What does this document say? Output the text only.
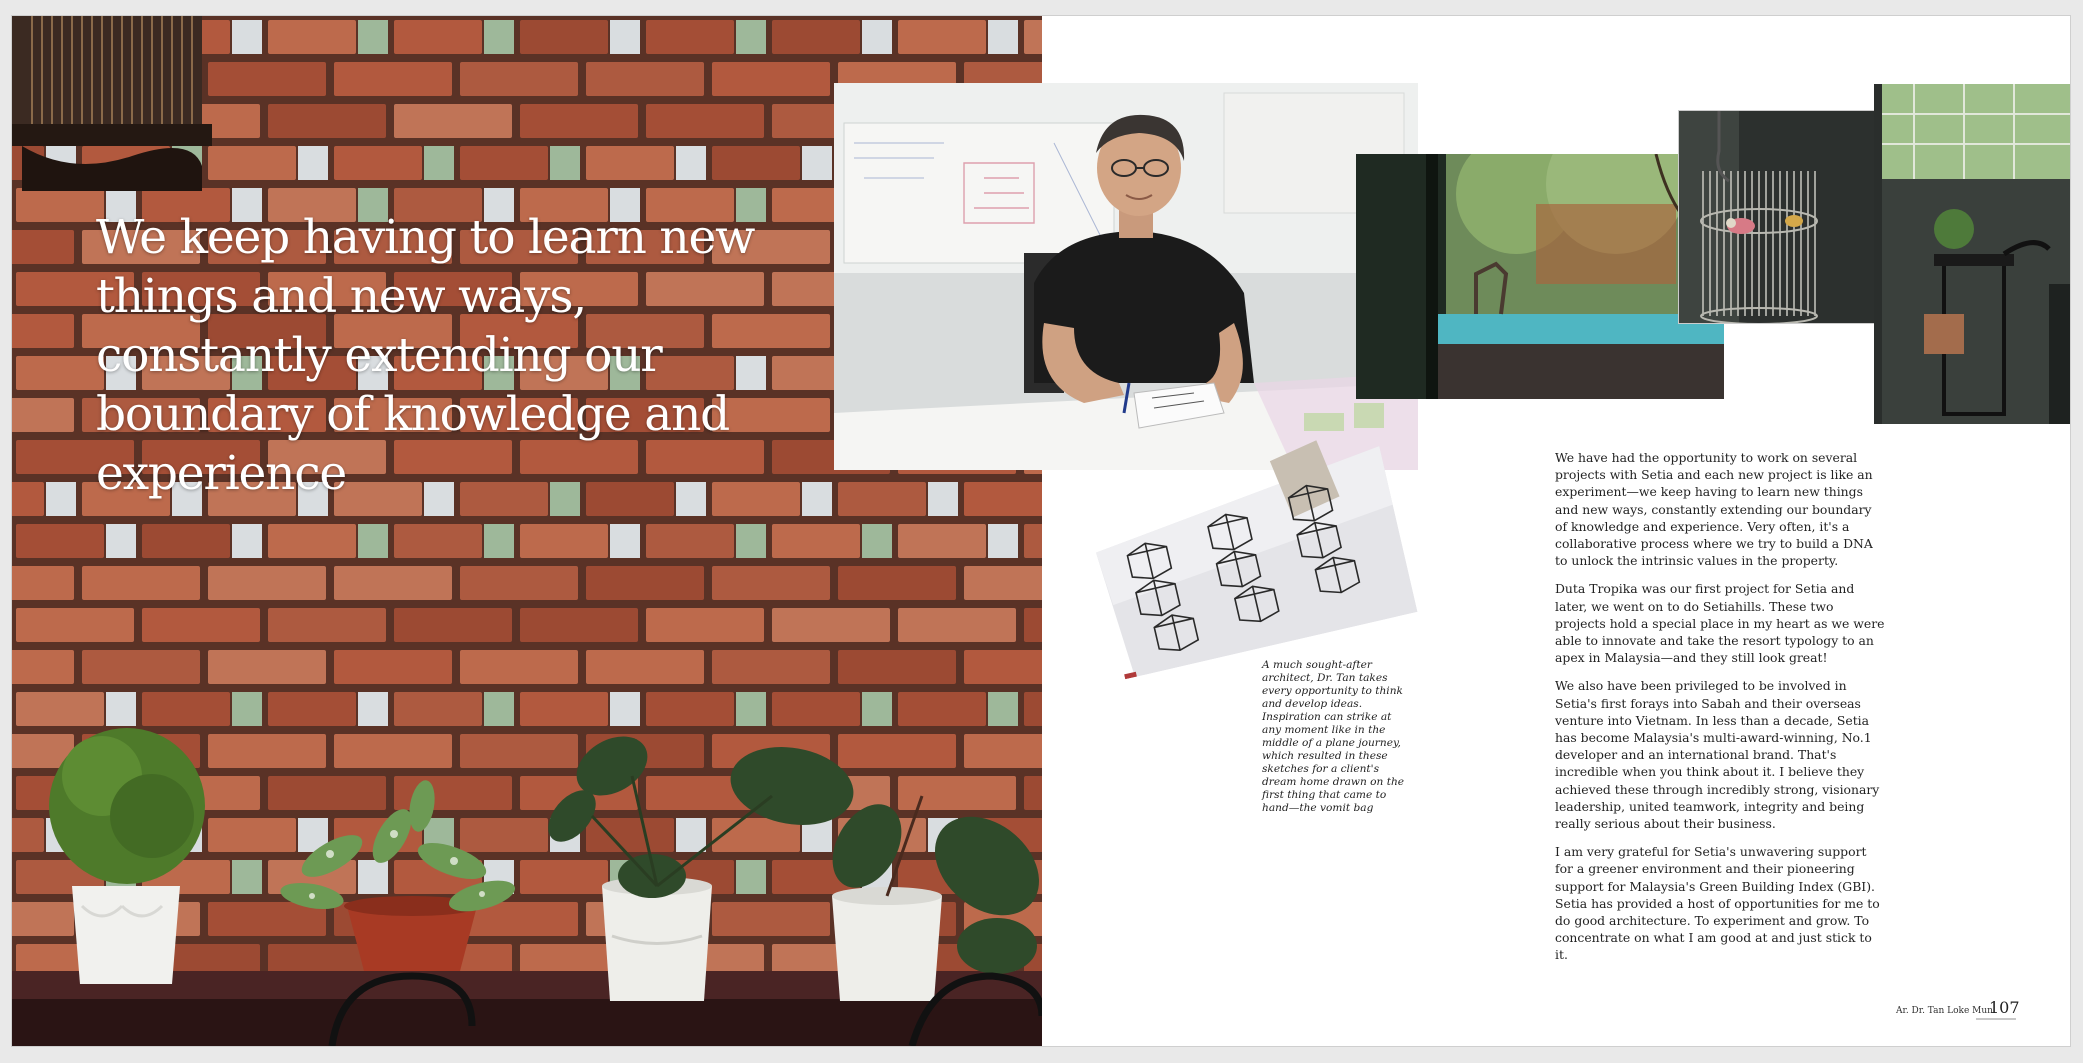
We keep having to learn new things and new ways, constantly extending our boundary of knowledge and experience
A much sought-after architect, Dr. Tan takes every opportunity to think and develop ideas. Inspiration can strike at any moment like in the middle of a plane journey, which resulted in these sketches for a client's dream home drawn on the first thing that came to hand—the vomit bag

We have had the opportunity to work on several projects with Setia and each new project is like an experiment—we keep having to learn new things and new ways, constantly extending our boundary of knowledge and experience. Very often, it's a collaborative process where we try to build a DNA to unlock the intrinsic values in the property.

Duta Tropika was our first project for Setia and later, we went on to do Setiahills. These two projects hold a special place in my heart as we were able to innovate and take the resort typology to an apex in Malaysia—and they still look great!

We also have been privileged to be involved in Setia's first forays into Sabah and their overseas venture into Vietnam. In less than a decade, Setia has become Malaysia's multi-award-winning, No.1 developer and an international brand. That's incredible when you think about it. I believe they achieved these through incredibly strong, visionary leadership, united teamwork, integrity and being really serious about their business.

I am very grateful for Setia's unwavering support for a greener environment and their pioneering support for Malaysia's Green Building Index (GBI). Setia has provided a host of opportunities for me to do good architecture. To experiment and grow. To concentrate on what I am good at and just stick to it.

Ar. Dr. Tan Loke Mun
107
